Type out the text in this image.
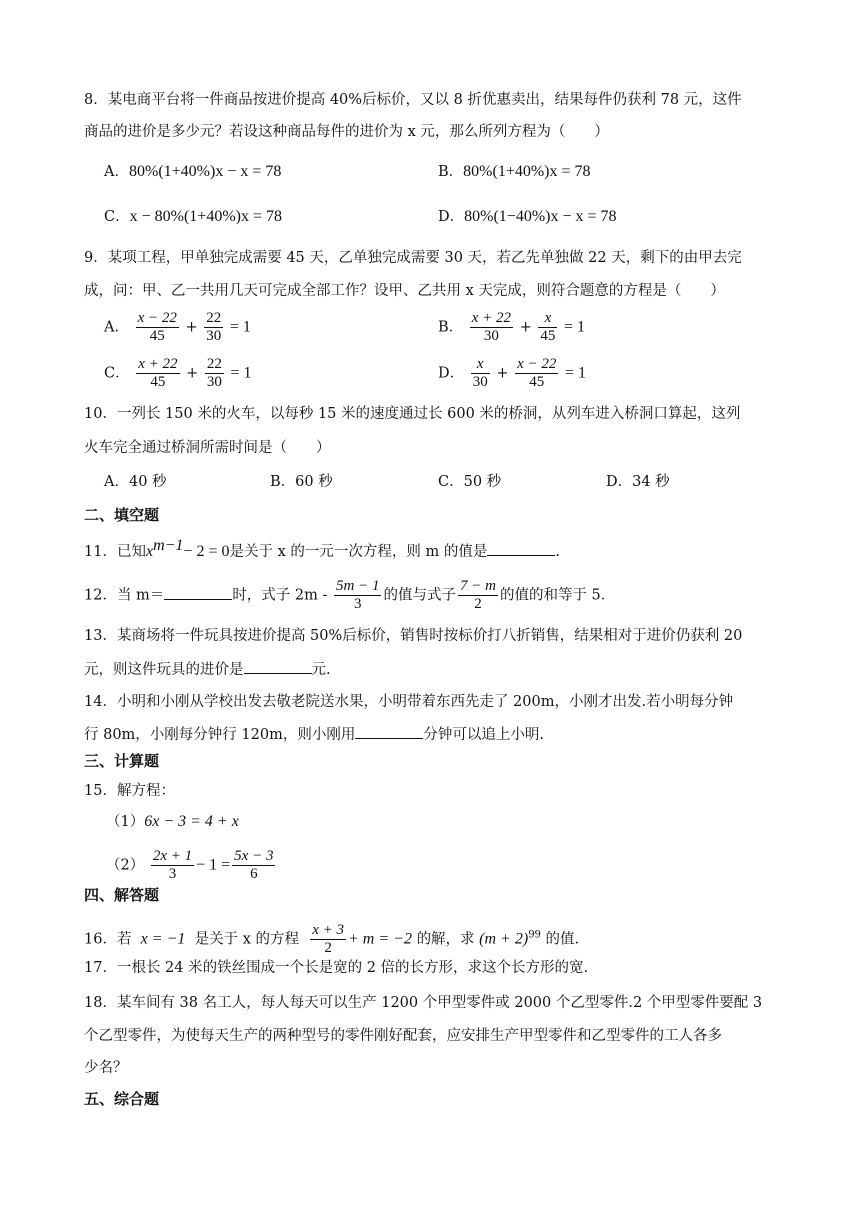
8．某电商平台将一件商品按进价提高 40%后标价，又以 8 折优惠卖出，结果每件仍获利 78 元，这件
商品的进价是多少元？若设这种商品每件的进价为 x 元，那么所列方程为（　　）
A．80%(1+40%)x − x = 78	B．80%(1+40%)x = 78
C．x − 80%(1+40%)x = 78	D．80%(1−40%)x − x = 78
9．某项工程，甲单独完成需要 45 天，乙单独完成需要 30 天，若乙先单独做 22 天，剩下的由甲去完
成，问：甲、乙一共用几天可完成全部工作？设甲、乙共用 x 天完成，则符合题意的方程是（　　）
A． $\frac{x - 22}{45} + \frac{22}{30} = 1$	B． $\frac{x + 22}{30} + \frac{x}{45} = 1$
C． $\frac{x + 22}{45} + \frac{22}{30} = 1$	D． $\frac{x}{30} + \frac{x - 22}{45} = 1$
10．一列长 150 米的火车，以每秒 15 米的速度通过长 600 米的桥洞，从列车进入桥洞口算起，这列
火车完全通过桥洞所需时间是（　　）
A．40 秒	B．60 秒	C．50 秒	D．34 秒
二、填空题
11．已知$x^{m-1}- 2 = 0$是关于 x 的一元一次方程，则 m 的值是	.
12．当 m＝	时，式子 $2m - \frac{5m - 1}{3}$ 的值与式子 $\frac{7 - m}{2}$ 的值的和等于 5．
13．某商场将一件玩具按进价提高 50%后标价，销售时按标价打八折销售，结果相对于进价仍获利 20
元，则这件玩具的进价是	元.
14．小明和小刚从学校出发去敬老院送水果，小明带着东西先走了 200m，小刚才出发.若小明每分钟
行 80m，小刚每分钟行 120m，则小刚用	分钟可以追上小明.
三、计算题
15．解方程：
（1）6x − 3 = 4 + x
$(2) \frac{2x + 1}{3} - 1 = \frac{5x - 3}{6}$
四、解答题
16．若 x = −1 是关于 x 的方程 $\frac{x + 3}{2} + m = -2$ 的解，求 $(m + 2)^{99}$ 的值.
17．一根长 24 米的铁丝围成一个长是宽的 2 倍的长方形，求这个长方形的宽.
18．某车间有 38 名工人，每人每天可以生产 1200 个甲型零件或 2000 个乙型零件.2 个甲型零件要配 3
个乙型零件，为使每天生产的两种型号的零件刚好配套，应安排生产甲型零件和乙型零件的工人各多
少名？
五、综合题
